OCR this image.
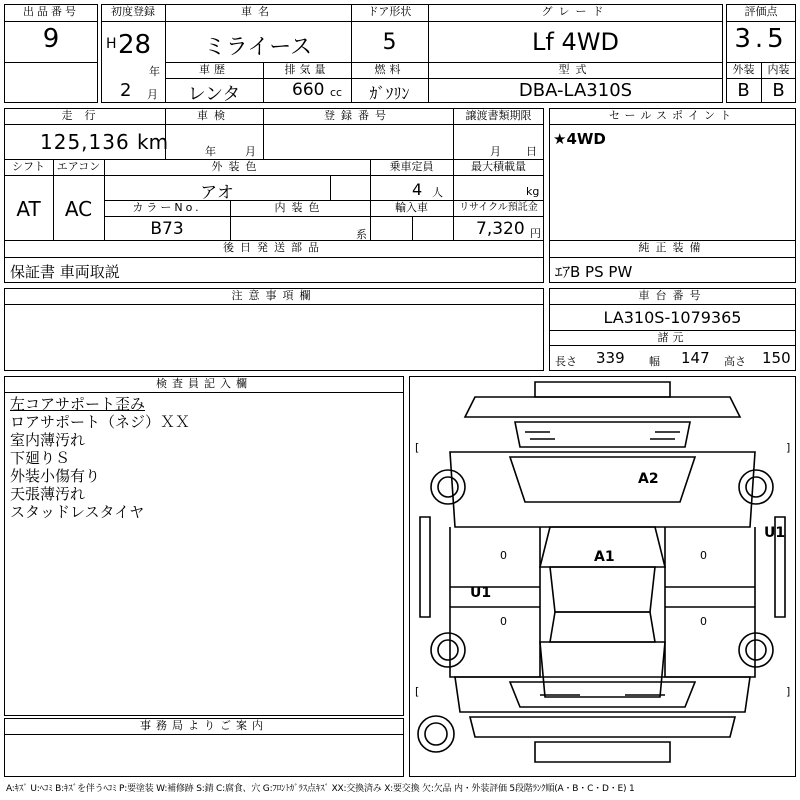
出品番号
9
初度登録
H 28
年
2 月
車名
ミライース
車歴
レンタ
排気量
660 cc
ドア形状
5
燃料
ｶﾞｿﾘﾝ
グレード
Lf 4WD
型式
DBA-LA310S
評価点
3.5
外装	内装
B	B
走行
125,136 km
車検
年	月
登録番号	譲渡書類期限
月 日
シフト
AT
エアコン
AC
外装色
アオ
乗車定員
4 人
最大積載量
kg
カラーNo.
B73
内装色
系
輸入車	リサイクル預託金
7,320 円
後日発送部品
保証書 車両取説
セールスポイント
★4WD
純正装備
ｴｱB PS PW
注意事項欄	車台番号
LA310S-1079365
諸元
長さ 339 幅 147 高さ 150
検査員記入欄
左コアサポート歪み
ロアサポート（ネジ）ＸＸ
室内薄汚れ
下廻りＳ
外装小傷有り
天張薄汚れ
スタッドレスタイヤ
事務局よりご案内
A2
A1
U1
U1
[	]
[	]
0	0
0	0
A:ｷｽﾞ U:ﾍｺﾐ B:ｷｽﾞを伴うﾍｺﾐ P:要塗装 W:補修跡 S:錆 C:腐食、穴 G:ﾌﾛﾝﾄｶﾞﾗｽ点ｷｽﾞ XX:交換済み X:要交換 欠:欠品 内・外装評価 5段階ﾗﾝｸ順(A・B・C・D・E) 1
